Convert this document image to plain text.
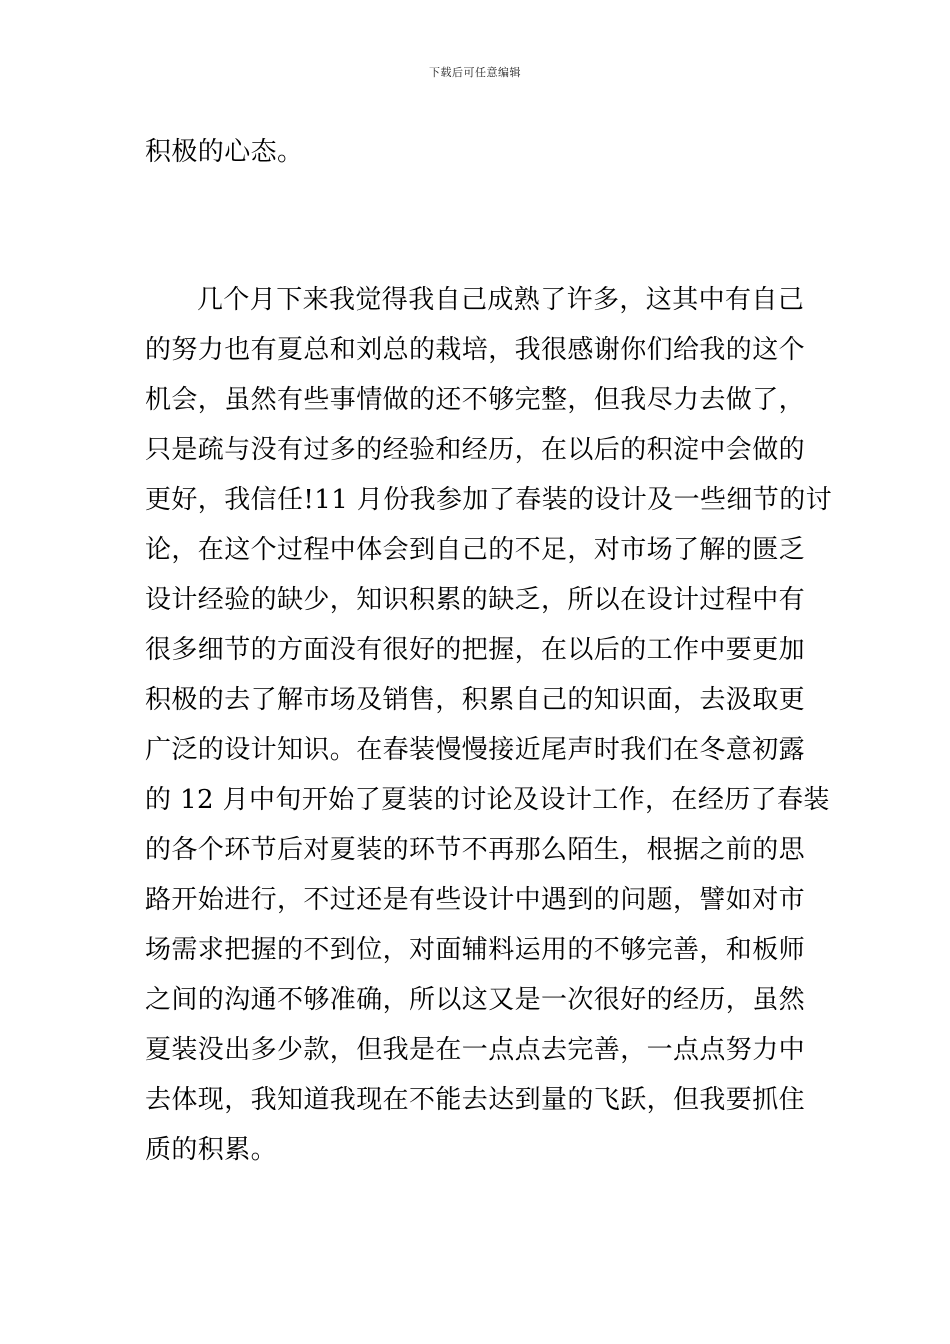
下载后可任意编辑
积极的心态。
几个月下来我觉得我自己成熟了许多，这其中有自己
的努力也有夏总和刘总的栽培，我很感谢你们给我的这个
机会，虽然有些事情做的还不够完整，但我尽力去做了，
只是疏与没有过多的经验和经历，在以后的积淀中会做的
更好，我信任!11 月份我参加了春装的设计及一些细节的讨
论，在这个过程中体会到自己的不足，对市场了解的匮乏
设计经验的缺少，知识积累的缺乏，所以在设计过程中有
很多细节的方面没有很好的把握，在以后的工作中要更加
积极的去了解市场及销售，积累自己的知识面，去汲取更
广泛的设计知识。在春装慢慢接近尾声时我们在冬意初露
的 12 月中旬开始了夏装的讨论及设计工作，在经历了春装
的各个环节后对夏装的环节不再那么陌生，根据之前的思
路开始进行，不过还是有些设计中遇到的问题，譬如对市
场需求把握的不到位，对面辅料运用的不够完善，和板师
之间的沟通不够准确，所以这又是一次很好的经历，虽然
夏装没出多少款，但我是在一点点去完善，一点点努力中
去体现，我知道我现在不能去达到量的飞跃，但我要抓住
质的积累。
